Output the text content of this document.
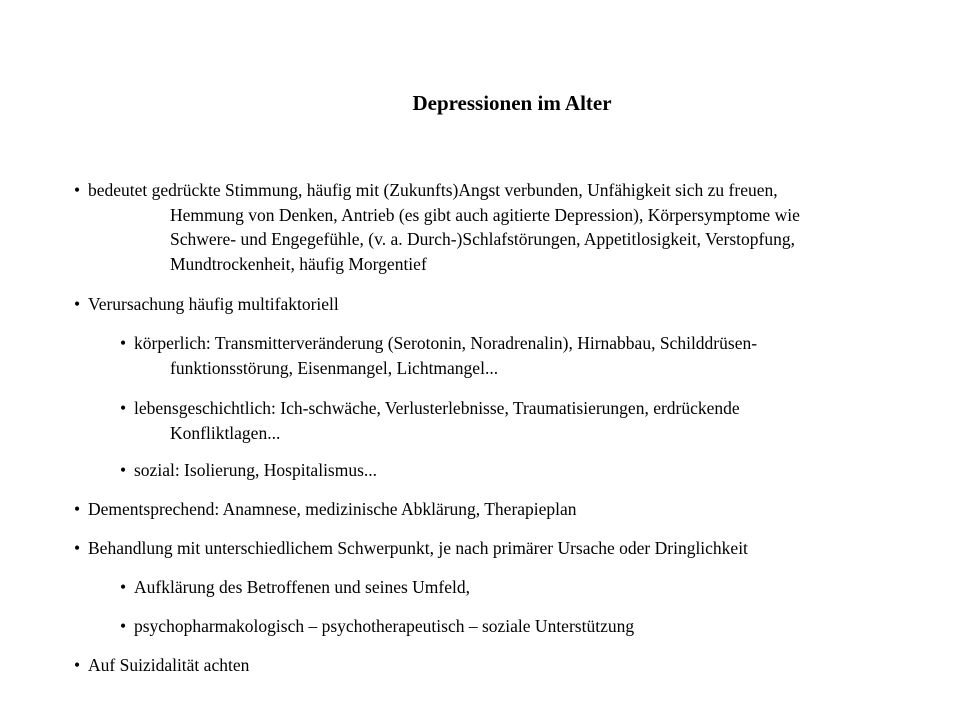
Depressionen im Alter
• bedeutet gedrückte Stimmung, häufig mit (Zukunfts)Angst verbunden, Unfähigkeit sich zu freuen,
Hemmung von Denken, Antrieb (es gibt auch agitierte Depression), Körpersymptome wie
Schwere- und Engegefühle, (v. a. Durch-)Schlafstörungen, Appetitlosigkeit, Verstopfung,
Mundtrockenheit, häufig Morgentief
• Verursachung häufig multifaktoriell
• körperlich: Transmitterveränderung (Serotonin, Noradrenalin), Hirnabbau, Schilddrüsen-
funktionsstörung, Eisenmangel, Lichtmangel...
• lebensgeschichtlich: Ich-schwäche, Verlusterlebnisse, Traumatisierungen, erdrückende
Konfliktlagen...
• sozial: Isolierung, Hospitalismus...
• Dementsprechend: Anamnese, medizinische Abklärung, Therapieplan
• Behandlung mit unterschiedlichem Schwerpunkt, je nach primärer Ursache oder Dringlichkeit
• Aufklärung des Betroffenen und seines Umfeld,
• psychopharmakologisch – psychotherapeutisch – soziale Unterstützung
• Auf Suizidalität achten
